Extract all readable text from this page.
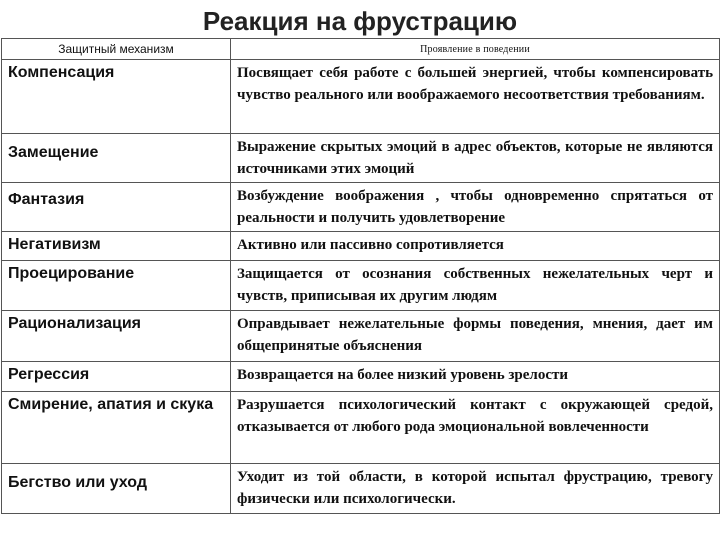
Реакция на фрустрацию
Защитный механизм	Проявление в поведении
Компенсация	Посвящает себя работе с большей энергией, чтобы компенсировать чувство реального или воображаемого несоответствия требованиям.
Замещение	Выражение скрытых эмоций в адрес объектов, которые не являются источниками этих эмоций
Фантазия	Возбуждение воображения , чтобы одновременно спрятаться от реальности и получить удовлетворение
Негативизм	Активно или пассивно сопротивляется
Проецирование	Защищается от осознания собственных нежелательных черт и чувств, приписывая их другим людям
Рационализация	Оправдывает нежелательные формы поведения, мнения, дает им общепринятые объяснения
Регрессия	Возвращается на более низкий уровень зрелости
Смирение, апатия и скука	Разрушается психологический контакт с окружающей средой, отказывается от любого рода эмоциональной вовлеченности
Бегство или уход	Уходит из той области, в которой испытал фрустрацию, тревогу физически или психологически.
